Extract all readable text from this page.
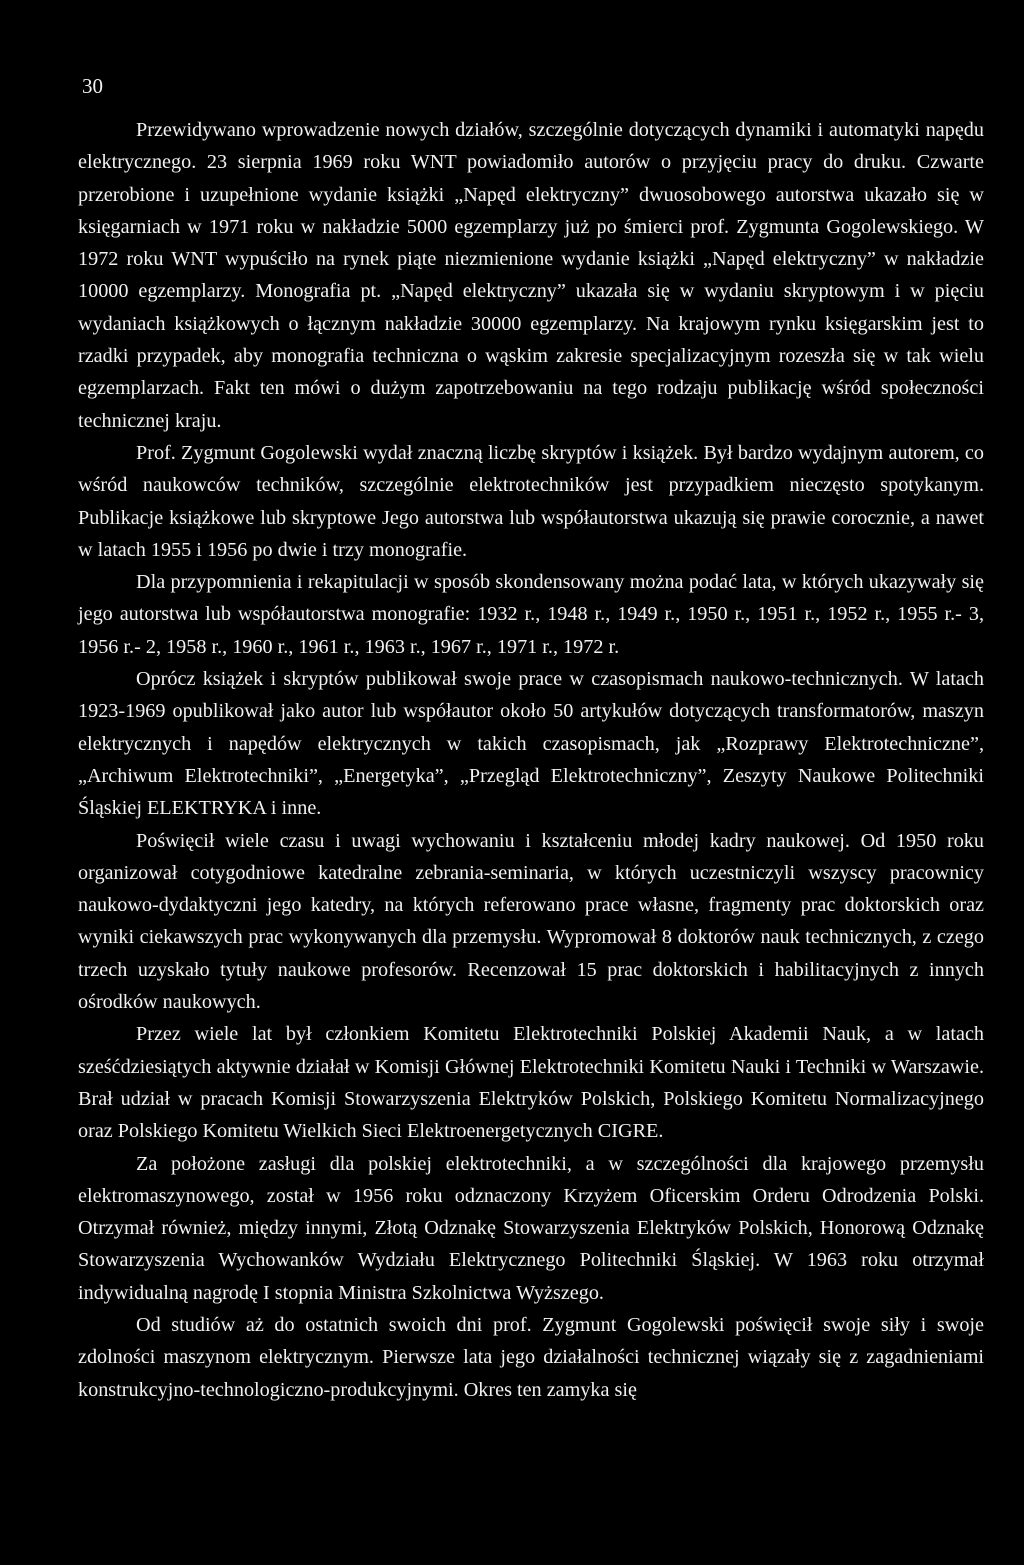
30

Przewidywano wprowadzenie nowych działów, szczególnie dotyczących dynamiki i automatyki napędu elektrycznego. 23 sierpnia 1969 roku WNT powiadomiło autorów o przyjęciu pracy do druku. Czwarte przerobione i uzupełnione wydanie książki „Napęd elektryczny” dwuosobowego autorstwa ukazało się w księgarniach w 1971 roku w nakładzie 5000 egzemplarzy już po śmierci prof. Zygmunta Gogolewskiego. W 1972 roku WNT wypuściło na rynek piąte niezmienione wydanie książki „Napęd elektryczny” w nakładzie 10000 egzemplarzy. Monografia pt. „Napęd elektryczny” ukazała się w wydaniu skryptowym i w pięciu wydaniach książkowych o łącznym nakładzie 30000 egzemplarzy. Na krajowym rynku księgarskim jest to rzadki przypadek, aby monografia techniczna o wąskim zakresie specjalizacyjnym rozeszła się w tak wielu egzemplarzach. Fakt ten mówi o dużym zapotrzebowaniu na tego rodzaju publikację wśród społeczności technicznej kraju.

Prof. Zygmunt Gogolewski wydał znaczną liczbę skryptów i książek. Był bardzo wydajnym autorem, co wśród naukowców techników, szczególnie elektrotechników jest przypadkiem nieczęsto spotykanym. Publikacje książkowe lub skryptowe Jego autorstwa lub współautorstwa ukazują się prawie corocznie, a nawet w latach 1955 i 1956 po dwie i trzy monografie.

Dla przypomnienia i rekapitulacji w sposób skondensowany można podać lata, w których ukazywały się jego autorstwa lub współautorstwa monografie: 1932 r., 1948 r., 1949 r., 1950 r., 1951 r., 1952 r., 1955 r.- 3, 1956 r.- 2, 1958 r., 1960 r., 1961 r., 1963 r., 1967 r., 1971 r., 1972 r.

Oprócz książek i skryptów publikował swoje prace w czasopismach naukowo-technicznych. W latach 1923-1969 opublikował jako autor lub współautor około 50 artykułów dotyczących transformatorów, maszyn elektrycznych i napędów elektrycznych w takich czasopismach, jak „Rozprawy Elektrotechniczne”, „Archiwum Elektrotechniki”, „Energetyka”, „Przegląd Elektrotechniczny”, Zeszyty Naukowe Politechniki Śląskiej ELEKTRYKA i inne.

Poświęcił wiele czasu i uwagi wychowaniu i kształceniu młodej kadry naukowej. Od 1950 roku organizował cotygodniowe katedralne zebrania-seminaria, w których uczestniczyli wszyscy pracownicy naukowo-dydaktyczni jego katedry, na których referowano prace własne, fragmenty prac doktorskich oraz wyniki ciekawszych prac wykonywanych dla przemysłu. Wypromował 8 doktorów nauk technicznych, z czego trzech uzyskało tytuły naukowe profesorów. Recenzował 15 prac doktorskich i habilitacyjnych z innych ośrodków naukowych.

Przez wiele lat był członkiem Komitetu Elektrotechniki Polskiej Akademii Nauk, a w latach sześćdziesiątych aktywnie działał w Komisji Głównej Elektrotechniki Komitetu Nauki i Techniki w Warszawie. Brał udział w pracach Komisji Stowarzyszenia Elektryków Polskich, Polskiego Komitetu Normalizacyjnego oraz Polskiego Komitetu Wielkich Sieci Elektroenergetycznych CIGRE.

Za położone zasługi dla polskiej elektrotechniki, a w szczególności dla krajowego przemysłu elektromaszynowego, został w 1956 roku odznaczony Krzyżem Oficerskim Orderu Odrodzenia Polski. Otrzymał również, między innymi, Złotą Odznakę Stowarzyszenia Elektryków Polskich, Honorową Odznakę Stowarzyszenia Wychowanków Wydziału Elektrycznego Politechniki Śląskiej. W 1963 roku otrzymał indywidualną nagrodę I stopnia Ministra Szkolnictwa Wyższego.

Od studiów aż do ostatnich swoich dni prof. Zygmunt Gogolewski poświęcił swoje siły i swoje zdolności maszynom elektrycznym. Pierwsze lata jego działalności technicznej wiązały się z zagadnieniami konstrukcyjno-technologiczno-produkcyjnymi. Okres ten zamyka się
